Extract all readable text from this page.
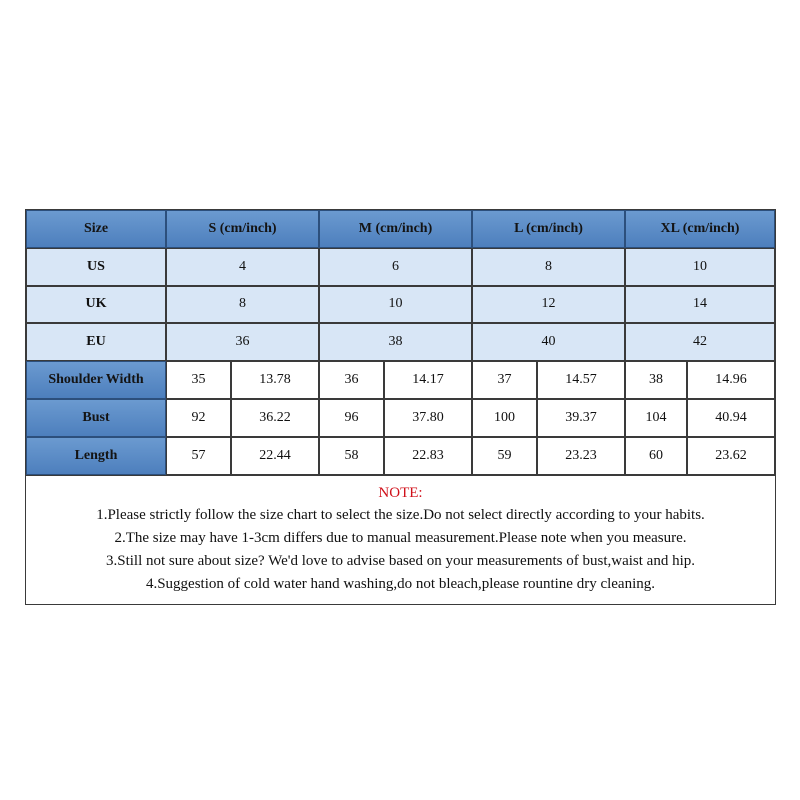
Size	S (cm/inch)	M (cm/inch)	L (cm/inch)	XL (cm/inch)
US	4	6	8	10
UK	8	10	12	14
EU	36	38	40	42
Shoulder Width	35	13.78	36	14.17	37	14.57	38	14.96
Bust	92	36.22	96	37.80	100	39.37	104	40.94
Length	57	22.44	58	22.83	59	23.23	60	23.62
NOTE:
1.Please strictly follow the size chart to select the size.Do not select directly according to your habits.
2.The size may have 1-3cm differs due to manual measurement.Please note when you measure.
3.Still not sure about size? We'd love to advise based on your measurements of bust,waist and hip.
4.Suggestion of cold water hand washing,do not bleach,please rountine dry cleaning.
